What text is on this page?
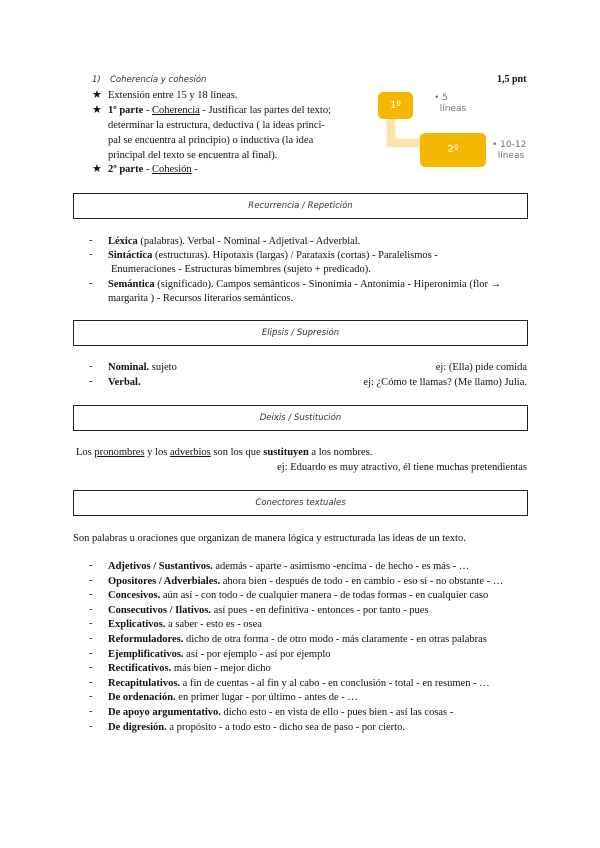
1) Coherencia y cohesión	1,5 pnt
★ Extensión entre 15 y 18 líneas.
★ 1º parte - Coherencia - Justificar las partes del texto;
determinar la estructura, deductiva ( la ideas princi-
pal se encuentra al principio) o inductiva (la idea
principal del texto se encuentra al final).
★ 2º parte - Cohesión -
1º
2º
• 5
líneas
• 10-12
líneas
Recurrencia / Repetición
- Léxica (palabras). Verbal - Nominal - Adjetival - Adverbial.
- Sintáctica (estructuras). Hipotaxis (largas) / Parataxis (cortas) - Paralelismos -
Enumeraciones - Estructuras bimembres (sujeto + predicado).
- Semántica (significado). Campos semánticos - Sinonimia - Antonimia - Hiperonimia (flor →
margarita ) - Recursos literarios semánticos.
Elipsis / Supresión
- Nominal. sujeto	ej: (Ella) pide comida
- Verbal.	ej: ¿Cómo te llamas? (Me llamo) Julia.
Deixis / Sustitución
Los pronombres y los adverbios son los que sustituyen a los nombres.
ej: Eduardo es muy atractivo, él tiene muchas pretendientas
Conectores textuales
Son palabras u oraciones que organizan de manera lógica y estructurada las ideas de un texto.
- Adjetivos / Sustantivos. además - aparte - asimismo -encima - de hecho - es más - …
- Opositores / Adverbiales. ahora bien - después de todo - en cambio - eso sí - no obstante - …
- Concesivos. aún así - con todo - de cualquier manera - de todas formas - en cualquier caso
- Consecutivos / Ilativos. así pues - en definitiva - entonces - por tanto - pues
- Explicativos. a saber - esto es - osea
- Reformuladores. dicho de otra forma - de otro modo - más claramente - en otras palabras
- Ejemplificativos. así - por ejemplo - así por ejemplo
- Rectificativos. más bien - mejor dicho
- Recapitulativos. a fin de cuentas - al fin y al cabo - en conclusión - total - en resumen - …
- De ordenación. en primer lugar - por último - antes de - …
- De apoyo argumentativo. dicho esto - en vista de ello - pues bien - así las cosas -
- De digresión. a propósito - a todo esto - dicho sea de paso - por cierto.
